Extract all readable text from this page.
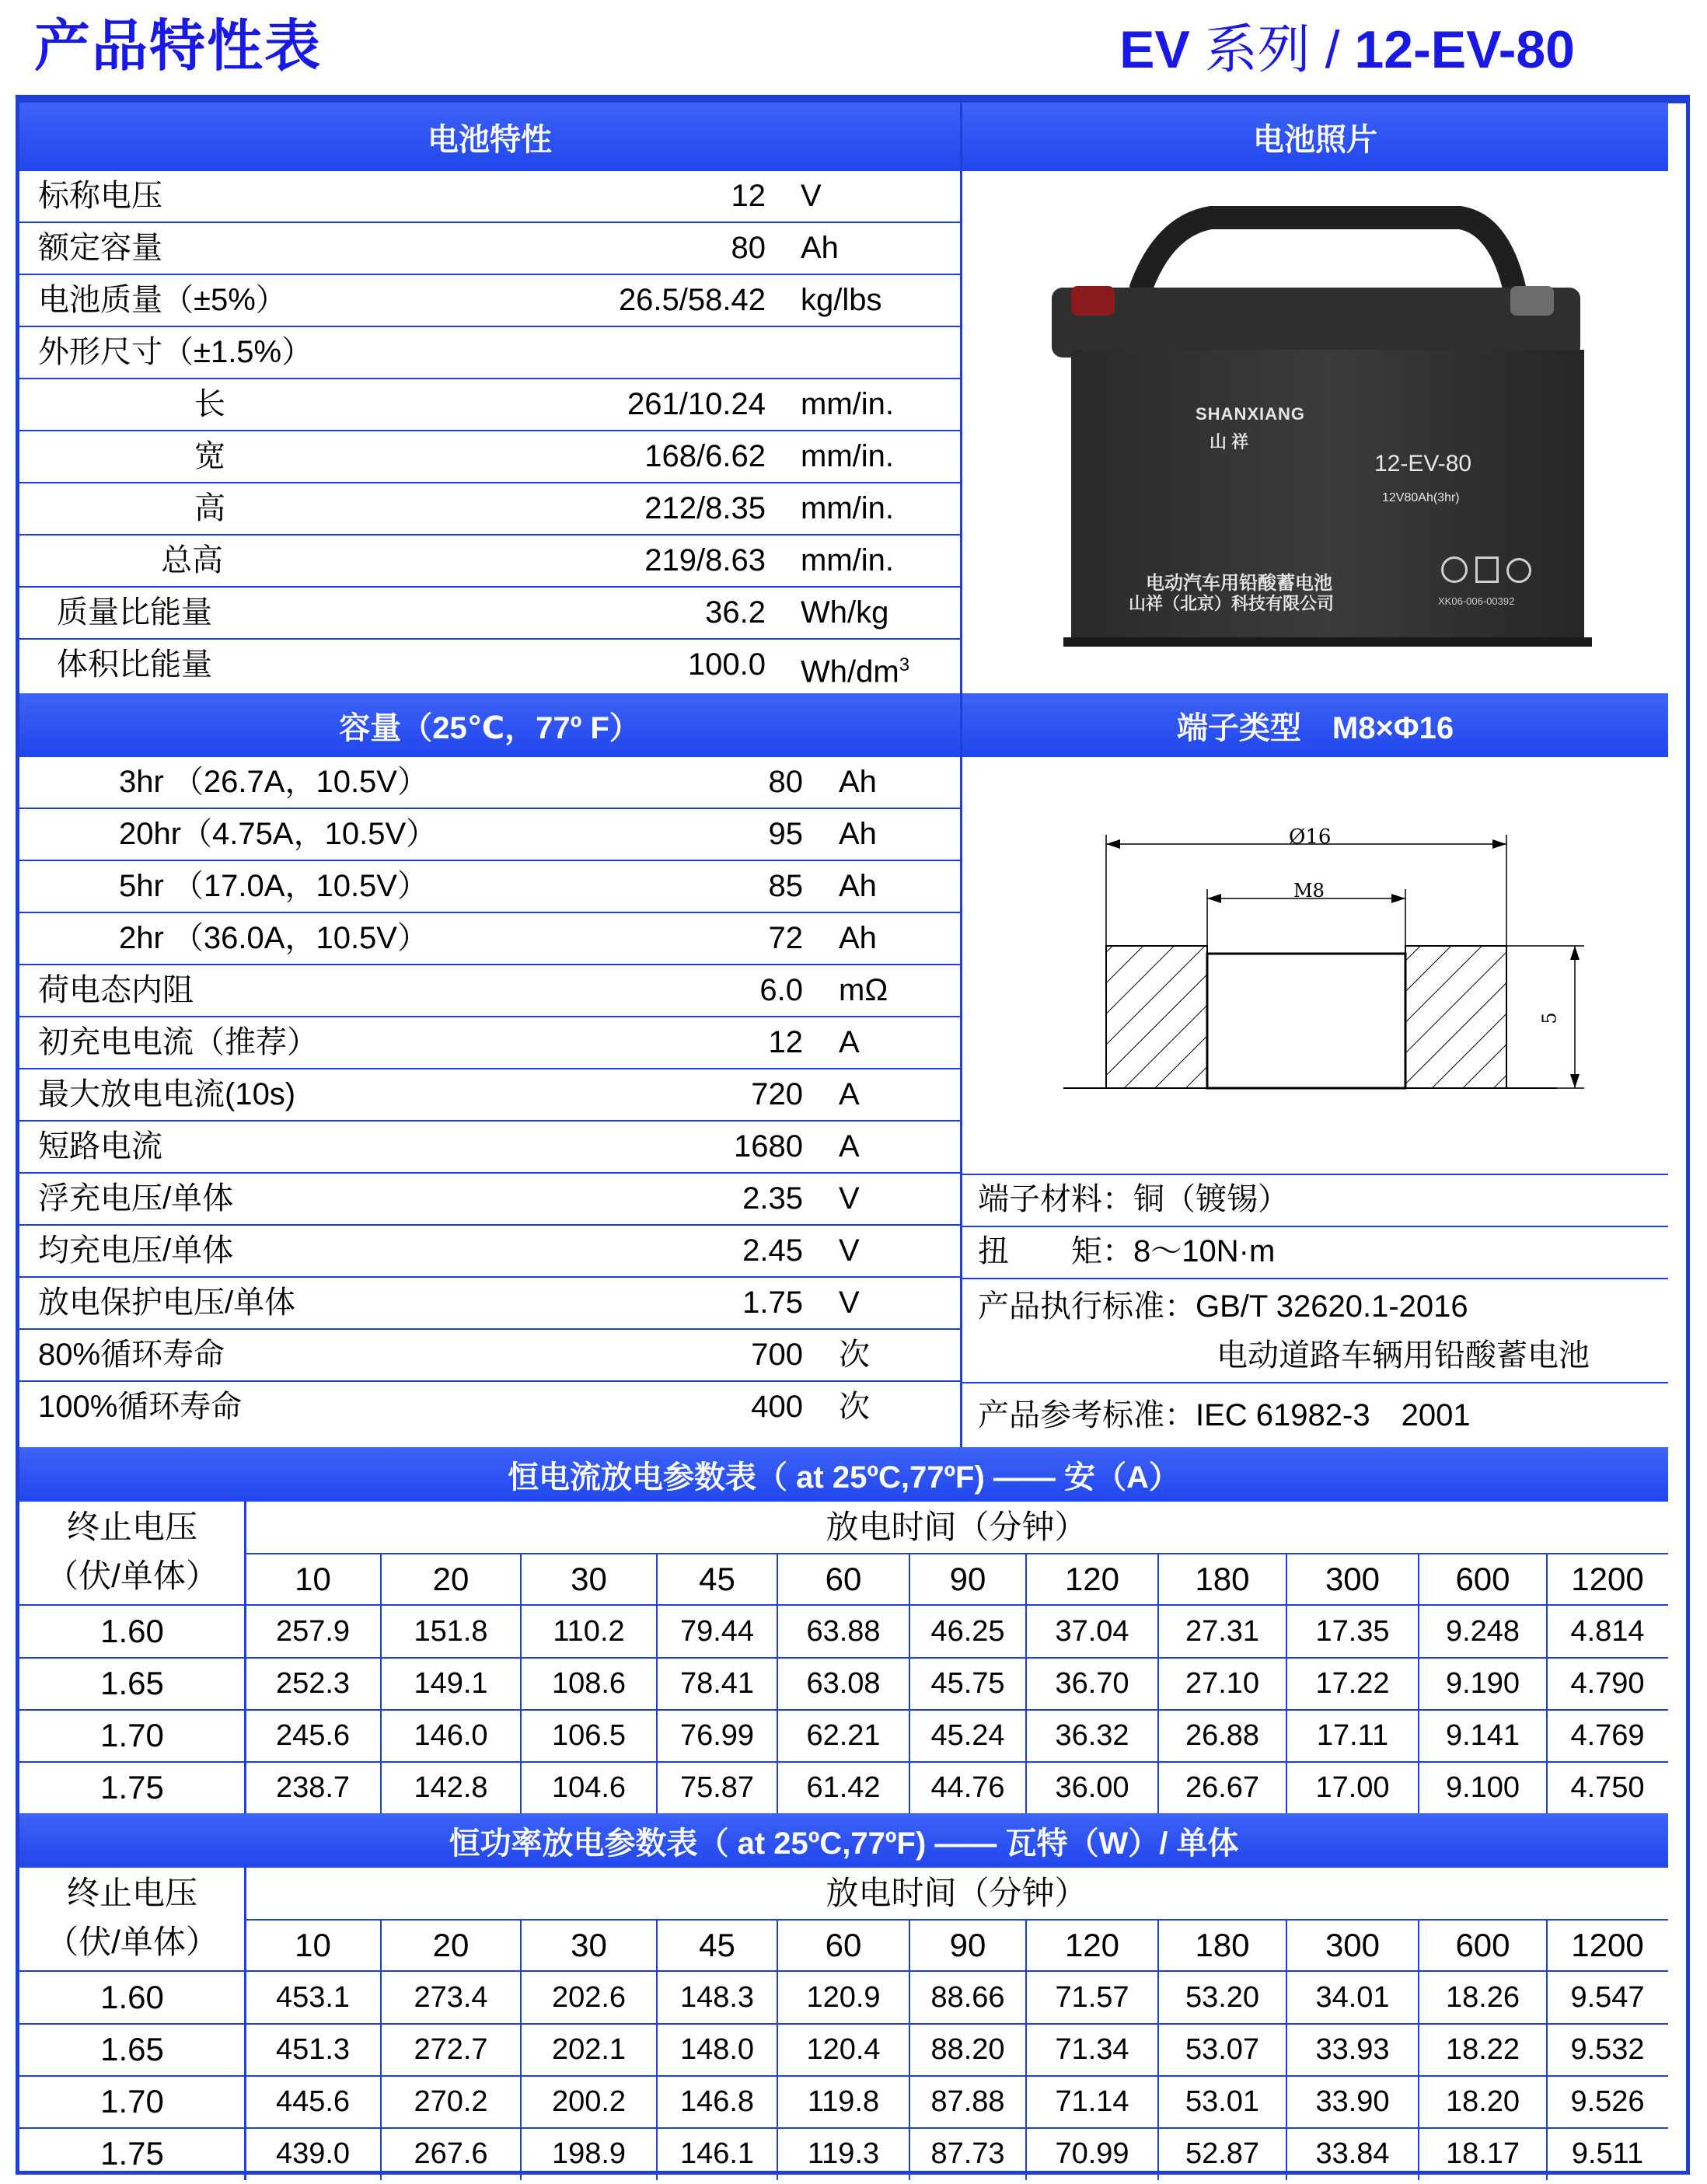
产品特性表	EV 系列 / 12-EV-80
电池特性	电池照片
标称电压	12 V
额定容量	80 Ah
电池质量（±5%）	26.5/58.42 kg/lbs
外形尺寸（±1.5%）
长	261/10.24 mm/in.
宽	168/6.62 mm/in.
高	212/8.35 mm/in.
总高	219/8.63 mm/in.
质量比能量	36.2 Wh/kg
体积比能量	100.0 $Wh/dm^3$
SHANXIANG
山 祥
12-EV-80
12V80Ah(3hr)
电动汽车用铅酸蓄电池
山祥（北京）科技有限公司	XK06-006-00392
容量（25℃，77º F）	端子类型　M8×Φ16
3hr （26.7A，10.5V）	80 Ah
20hr（4.75A，10.5V）	95 Ah
5hr （17.0A，10.5V）	85 Ah
2hr （36.0A，10.5V）	72 Ah
荷电态内阻	6.0 mΩ
初充电电流（推荐）	12 A
最大放电电流(10s)	720 A
短路电流	1680 A
浮充电压/单体	2.35 V
均充电压/单体	2.45 V
放电保护电压/单体	1.75 V
80%循环寿命	700 次
100%循环寿命	400 次
Ø16
M8
5
端子材料：铜（镀锡）
扭　　矩：8～10N·m
产品执行标准：GB/T 32620.1-2016
电动道路车辆用铅酸蓄电池
产品参考标准：IEC 61982-3　2001
恒电流放电参数表（ at 25ºC,77ºF) —— 安（A）
终止电压
（伏/单体）
放电时间（分钟）
10	20	30	45	60	90	120	180	300	600	1200
1.60	257.9	151.8	110.2	79.44	63.88	46.25	37.04	27.31	17.35	9.248	4.814
1.65	252.3	149.1	108.6	78.41	63.08	45.75	36.70	27.10	17.22	9.190	4.790
1.70	245.6	146.0	106.5	76.99	62.21	45.24	36.32	26.88	17.11	9.141	4.769
1.75	238.7	142.8	104.6	75.87	61.42	44.76	36.00	26.67	17.00	9.100	4.750
恒功率放电参数表（ at 25ºC,77ºF) —— 瓦特（W）/ 单体
终止电压
（伏/单体）
放电时间（分钟）
10	20	30	45	60	90	120	180	300	600	1200
1.60	453.1	273.4	202.6	148.3	120.9	88.66	71.57	53.20	34.01	18.26	9.547
1.65	451.3	272.7	202.1	148.0	120.4	88.20	71.34	53.07	33.93	18.22	9.532
1.70	445.6	270.2	200.2	146.8	119.8	87.88	71.14	53.01	33.90	18.20	9.526
1.75	439.0	267.6	198.9	146.1	119.3	87.73	70.99	52.87	33.84	18.17	9.511
